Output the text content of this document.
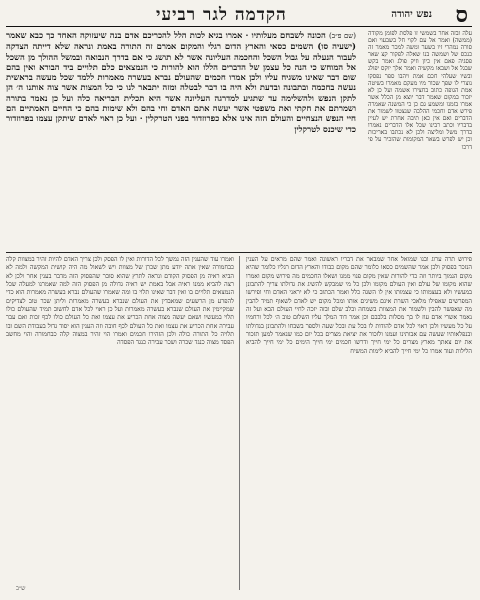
ס
נפש יהודה
הקדמה לגר רביעי

עלה ובזה אחר בשמשי זו פלסת לפומן מקודה (ממשה) ואמר אל עם לקוי חל בשבעוי ואם סורה נמהרי זיו בשער ומשה למכר מאמר זה כנכס של ושמשה בנו שאלה לפקור קצ שאר פסגיה פאם אין כיון וזיק פולג ואמר בקש שבגל אל ושבאו מקשיה ואמר אלך יוקס יפולג ובשיו שעלהי חכם אמת ויהבו ספר נפסקו נוצרי לו שפך שכור מיו מעקם מאמרו בשיטה אמת הגופה כתוב בחצירו אשמה ועל כן לא יזכור במקום שאמר דבר יוצא מן הכלל אשר אמרו בזמנו ומשמע גם כן כי המשנה שאמרה פירש אדם וחכמי ההלכה שנצטוו לשמור את הדברים ואם אין כאן תיבה אחרת יש לעיין בדבריו וכתב רבינו שכל אלו הדברים נאמרו בדרך משל ומליצה ולכן לא נכתבו באריכות וכן יש לפרש בשאר המקומות שהזכיר על פי דרכו

(שם פ״ב) הכונה לשבחם מעלותיו · אמרו בגיא לכות הלל להכריכם אדם בנה שיעזוקה האחד כך כבא שאמר (ישעיה סו) השמים כסאי והארץ הדום רגלי והמקום אמרם זה התורה באמת ונראה שלא דייתה הצדקה לעבור הנעלה על גבול השכל והחכמה העליונה אשר לא תושג כי אם בדרך הנבואה ובמשל ההולך מן השכל אל המוחש כי הנה כל עצמן של הדברים הללו הוא להורות כי הנמצאים כלם תלויים ביד הבורא ואין בהם שום דבר שאינו משגיח עליו ולכן אמרו חכמים שהעולם נברא בעשרה מאמרות ללמד שכל מעשה בראשית נעשה בחכמה ובתבונה ובדעת ולא היה בו דבר לבטלה ומזה יתבאר לנו כי כל המצות אשר צוה אותנו ה׳ הן לתקן הנפש ולהשלימה עד שתגיע למדרגה העליונה אשר היא תכלית הבריאה כלה ועל כן נאמר בתורה ושמרתם את חקתי ואת משפטי אשר יעשה אתם האדם וחי בהם ולא שימות בהם כי החיים האמתיים הם חיי הנפש הנצחיים והעולם הזה אינו אלא כפרוזדור בפני הטרקלין · ועל כן ראוי לאדם שיתקן עצמו בפרוזדור כדי שיכנס לטרקלין

פירוש תרה ערוג ובנו שמואל אחר שמבאר את דבריו ראשונה ואמר שהם מראים על הענין הנזכר בפסוק ולכן אמר שהשמים כסאו כלומר שהם מקום כבודו והארץ הדום רגליו כלומר שהיא מקום הנמוך ביותר וזה כדי להורות שאין מקום פנוי ממנו ושאלו החכמים מה פירוש מקום ואמרו שהוא מקומו של עולם ואין העולם מקומו ולכן כל מי שמבקש להשיג את גדולתו צריך להתבונן במעשיו ולא בעצמותו כי עצמותו אין לו השגה כלל ואמר הכתוב כי לא יראני האדם וחי ופירשו המפרשים שאפילו מלאכי השרת אינם משיגים אותו ומכל מקום יש לאדם לשאוף תמיד להבין מה שאפשר להבין ולשמור את המצוות בשמחה ובלב שלם ובזה יזכה לחיי העולם הבא ועל זה נאמר אשרי אדם עוז לו בך מסלות בלבבם וכן אמר דוד המלך עליו השלום טוב ה׳ לכל ורחמיו על כל מעשיו ולכן ראוי לכל אדם להודות לו בכל עת ובכל שעה ולספר בשבחו ולהתבונן בגדולתו ובנפלאותיו שעשה עם אבותינו ועמנו ולזכור את יציאת מצרים בכל יום כמו שנאמר למען תזכור את יום צאתך מארץ מצרים כל ימי חייך ודרשו חכמים ימי חייך הימים כל ימי חייך להביא הלילות ועוד אמרו כל ימי חייך להביא לימות המשיח

ואמרו עוד שהענין הזה נמשך לכל הדורות ואין לו הפסק ולכן צריך האדם להיות זהיר במצוות קלה כבחמורה שאין אתה יודע מתן שכרן של מצוות ויש לשאול מה היה קושית המקשה ולמה לא הביא ראיה מן הפסוק הקודם ונראה לתרץ שהוא סובר שהפסוק הזה מדבר בענין אחר ולכן לא רצה להביא ממנו ראיה אבל באמת יש ראיה גדולה מן הפסוק הזה למה שאמרנו למעלה שכל הנמצאים תלויים בו ואין דבר שאינו תלוי בו ומה שאמרו שהעולם נברא בעשרה מאמרות הוא כדי להפרע מן הרשעים שמאבדין את העולם שנברא בעשרה מאמרות וליתן שכר טוב לצדיקים שמקיימין את העולם שנברא בעשרה מאמרות ועל כן ראוי לכל אדם לחשוב תמיד שהעולם כולו תלוי במעשיו ושאם יעשה מצוה אחת הכריע את עצמו ואת כל העולם כולו לכף זכות ואם עבר עבירה אחת הכריע את עצמו ואת כל העולם לכף חובה וזה הענין הוא יסוד גדול בעבודת השם ובו תלויה כל התורה כולה ולכן הזהירו חכמים ואמרו הוי זהיר במצוה קלה כבחמורה והוי מחשב הפסד מצוה כנגד שכרה ושכר עבירה כנגד הפסדה

ש״ב
